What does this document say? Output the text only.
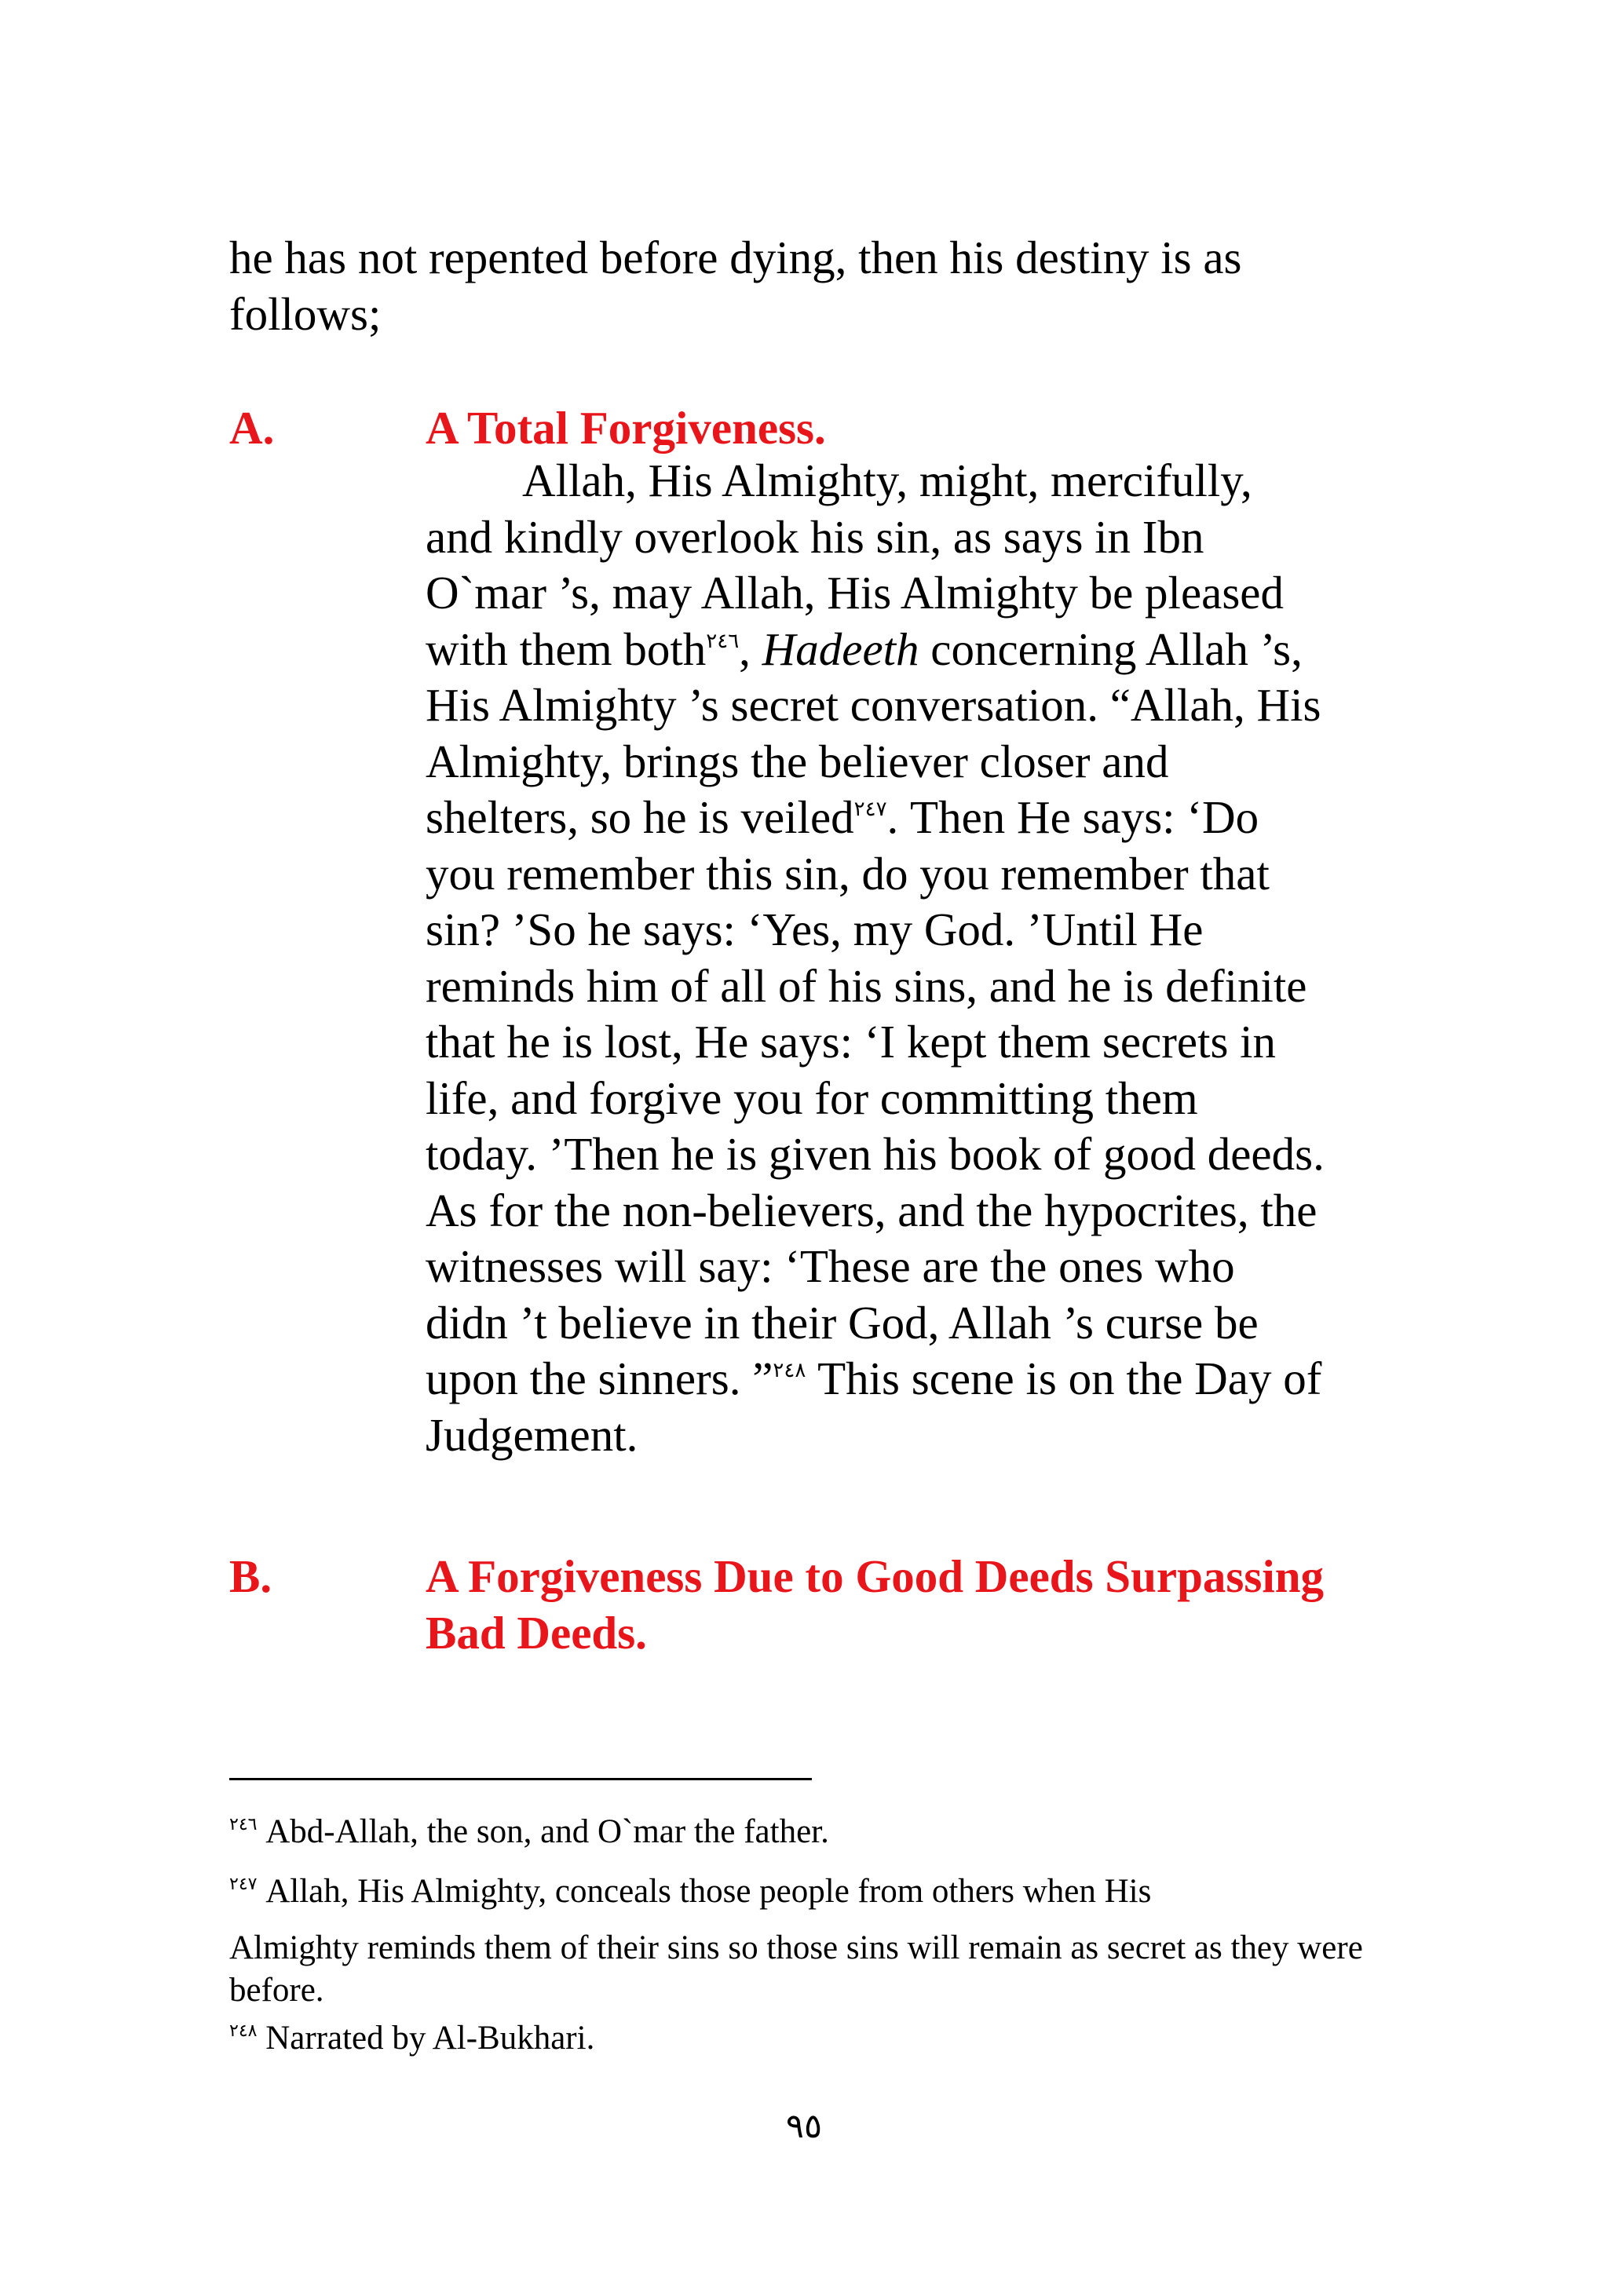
he has not repented before dying, then his destiny is as follows;
A.	A Total Forgiveness.
Allah, His Almighty, might, mercifully,
and kindly overlook his sin, as says in Ibn
O`mar ’s, may Allah, His Almighty be pleased
with them both$^{٢٤٦}$, Hadeeth concerning Allah ’s,
His Almighty ’s secret conversation. “Allah, His
Almighty, brings the believer closer and
shelters, so he is veiled$^{٢٤٧}$. Then He says: ‘Do
you remember this sin, do you remember that
sin? ’So he says: ‘Yes, my God. ’Until He
reminds him of all of his sins, and he is definite
that he is lost, He says: ‘I kept them secrets in
life, and forgive you for committing them
today. ’Then he is given his book of good deeds.
As for the non-believers, and the hypocrites, the
witnesses will say: ‘These are the ones who
didn ’t believe in their God, Allah ’s curse be
upon the sinners. ”$^{٢٤٨}$ This scene is on the Day of
Judgement.
B.	A Forgiveness Due to Good Deeds Surpassing Bad Deeds.
$^{٢٤٦}$ Abd-Allah, the son, and O`mar the father.
$^{٢٤٧}$ Allah, His Almighty, conceals those people from others when His
Almighty reminds them of their sins so those sins will remain as secret as they were before.
$^{٢٤٨}$ Narrated by Al-Bukhari.
٩٥
